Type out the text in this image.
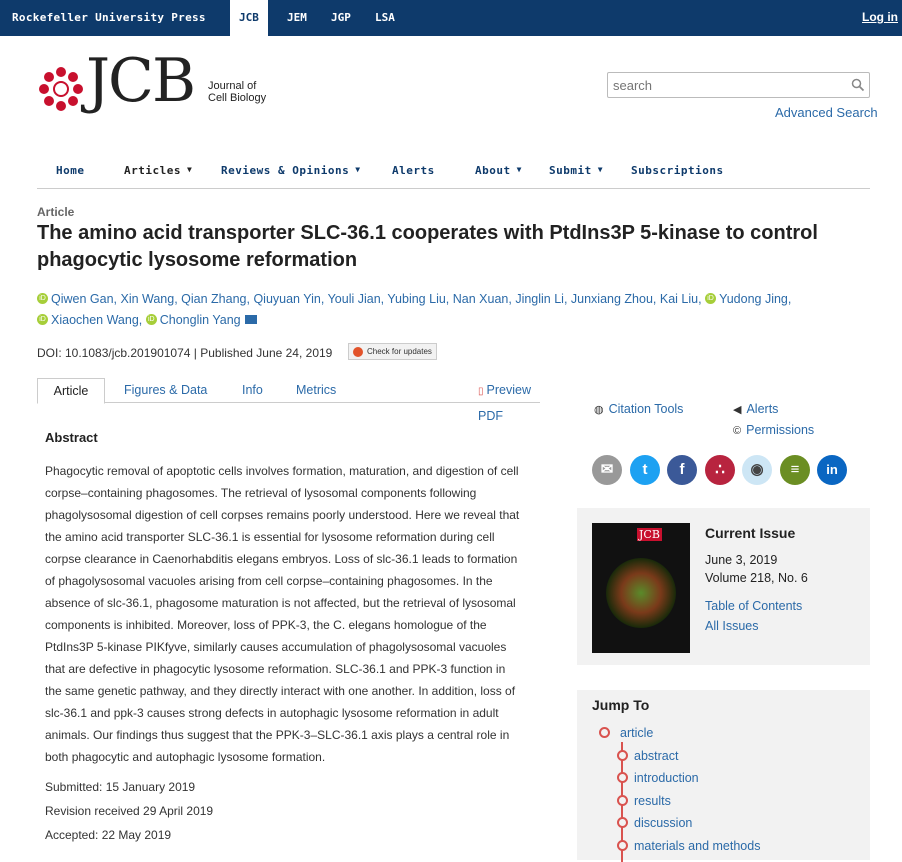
Rockefeller University Press	JCB	JEM	JGP	LSA	Log in
JCB Journal of
Cell Biology
search
Advanced Search
Home	Articles ▼	Reviews & Opinions ▼	Alerts	About ▼ Submit ▼	Subscriptions
Article
The amino acid transporter SLC-36.1 cooperates with PtdIns3P 5-kinase to control phagocytic lysosome reformation
iD Qiwen Gan, Xin Wang, Qian Zhang, Qiuyuan Yin, Youli Jian, Yubing Liu, Nan Xuan, Jinglin Li, Junxiang Zhou, Kai Liu, iD Yudong Jing,
iD Xiaochen Wang, iD Chonglin Yang
DOI: 10.1083/jcb.201901074 | Published June 24, 2019	Check for updates
Article	Figures & Data	Info	Metrics	▯ Preview PDF
Abstract
Phagocytic removal of apoptotic cells involves formation, maturation, and digestion of cell corpse–containing phagosomes. The retrieval of lysosomal components following phagolysosomal digestion of cell corpses remains poorly understood. Here we reveal that the amino acid transporter SLC-36.1 is essential for lysosome reformation during cell corpse clearance in Caenorhabditis elegans embryos. Loss of slc-36.1 leads to formation of phagolysosomal vacuoles arising from cell corpse–containing phagosomes. In the absence of slc-36.1, phagosome maturation is not affected, but the retrieval of lysosomal components is inhibited. Moreover, loss of PPK-3, the C. elegans homologue of the PtdIns3P 5-kinase PIKfyve, similarly causes accumulation of phagolysosomal vacuoles that are defective in phagocytic lysosome reformation. SLC-36.1 and PPK-3 function in the same genetic pathway, and they directly interact with one another. In addition, loss of slc-36.1 and ppk-3 causes strong defects in autophagic lysosome reformation in adult animals. Our findings thus suggest that the PPK-3–SLC-36.1 axis plays a central role in both phagocytic and autophagic lysosome formation.
Submitted: 15 January 2019
Revision received 29 April 2019
Accepted: 22 May 2019
◍ Citation Tools	◀ Alerts
© Permissions
✉	t	f	∴	◉	≡	in
JCB	Current Issue
June 3, 2019
Volume 218, No. 6
Table of Contents
All Issues
Jump To
article
abstract
introduction
results
discussion
materials and methods
